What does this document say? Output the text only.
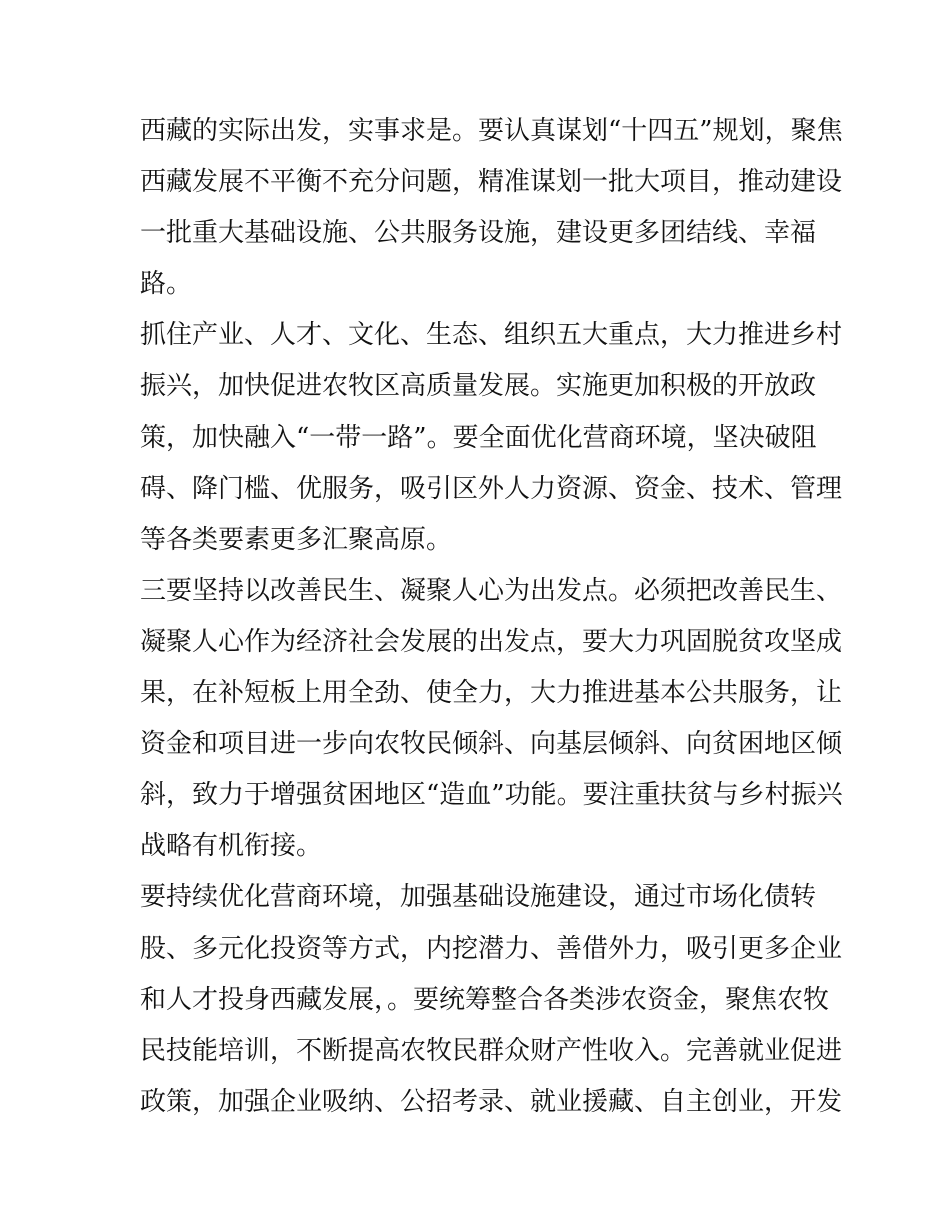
西藏的实际出发，实事求是。要认真谋划“十四五”规划，聚焦
西藏发展不平衡不充分问题，精准谋划一批大项目，推动建设
一批重大基础设施、公共服务设施，建设更多团结线、幸福
路。
抓住产业、人才、文化、生态、组织五大重点，大力推进乡村
振兴，加快促进农牧区高质量发展。实施更加积极的开放政
策，加快融入“一带一路”。要全面优化营商环境，坚决破阻
碍、降门槛、优服务，吸引区外人力资源、资金、技术、管理
等各类要素更多汇聚高原。
三要坚持以改善民生、凝聚人心为出发点。必须把改善民生、
凝聚人心作为经济社会发展的出发点，要大力巩固脱贫攻坚成
果，在补短板上用全劲、使全力，大力推进基本公共服务，让
资金和项目进一步向农牧民倾斜、向基层倾斜、向贫困地区倾
斜，致力于增强贫困地区“造血”功能。要注重扶贫与乡村振兴
战略有机衔接。
要持续优化营商环境，加强基础设施建设，通过市场化债转
股、多元化投资等方式，内挖潜力、善借外力，吸引更多企业
和人才投身西藏发展，。要统筹整合各类涉农资金，聚焦农牧
民技能培训，不断提高农牧民群众财产性收入。完善就业促进
政策，加强企业吸纳、公招考录、就业援藏、自主创业，开发
